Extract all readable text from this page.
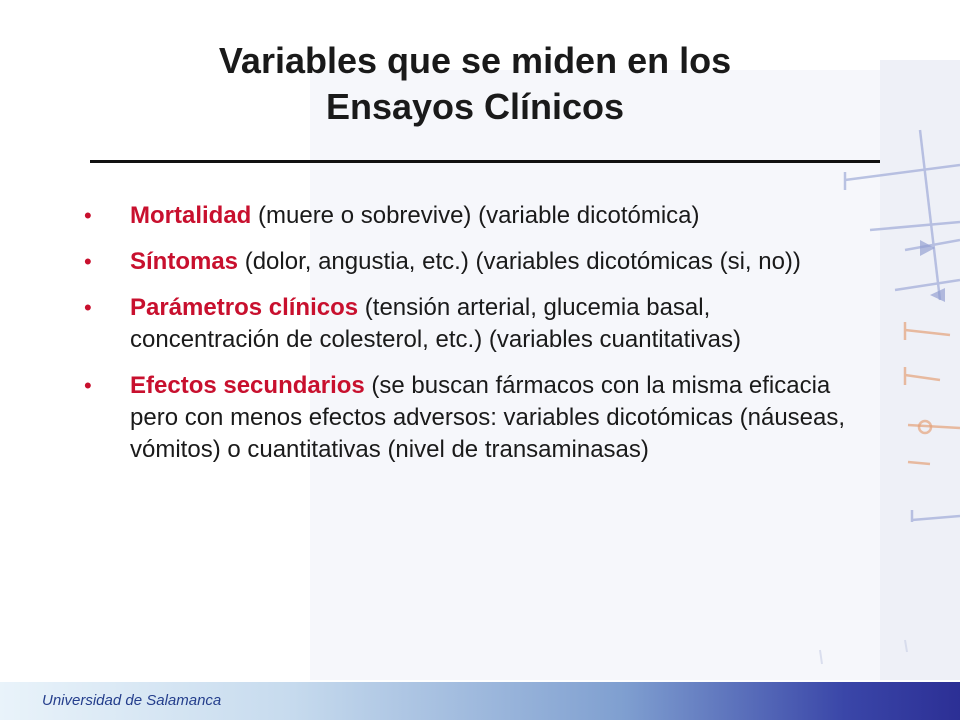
Variables que se miden en los
Ensayos Clínicos
•	Mortalidad (muere o sobrevive) (variable dicotómica)
•	Síntomas (dolor, angustia, etc.) (variables dicotómicas (si, no))
•	Parámetros clínicos (tensión arterial, glucemia basal, concentración de colesterol, etc.) (variables cuantitativas)
•	Efectos secundarios (se buscan fármacos con la misma eficacia pero con menos efectos adversos: variables dicotómicas (náuseas, vómitos) o cuantitativas (nivel de transaminasas)
Universidad de Salamanca
